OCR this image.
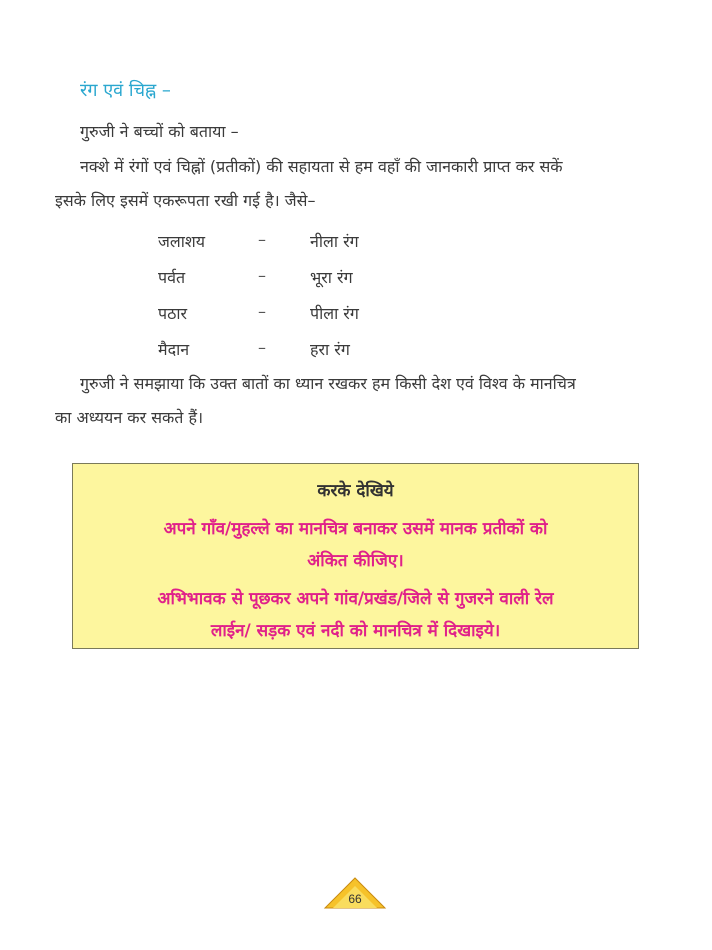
रंग एवं चिह्न –
गुरुजी ने बच्चों को बताया –
नक्शे में रंगों एवं चिह्नों (प्रतीकों) की सहायता से हम वहाँ की जानकारी प्राप्त कर सकें
इसके लिए इसमें एकरूपता रखी गई है। जैसे–
जलाशय	–	नीला रंग
पर्वत	–	भूरा रंग
पठार	–	पीला रंग
मैदान	–	हरा रंग
गुरुजी ने समझाया कि उक्त बातों का ध्यान रखकर हम किसी देश एवं विश्व के मानचित्र
का अध्ययन कर सकते हैं।
करके देखिये
अपने गाँव/मुहल्ले का मानचित्र बनाकर उसमें मानक प्रतीकों को
अंकित कीजिए।
अभिभावक से पूछकर अपने गांव/प्रखंड/जिले से गुजरने वाली रेल
लाईन/ सड़क एवं नदी को मानचित्र में दिखाइये।
66
